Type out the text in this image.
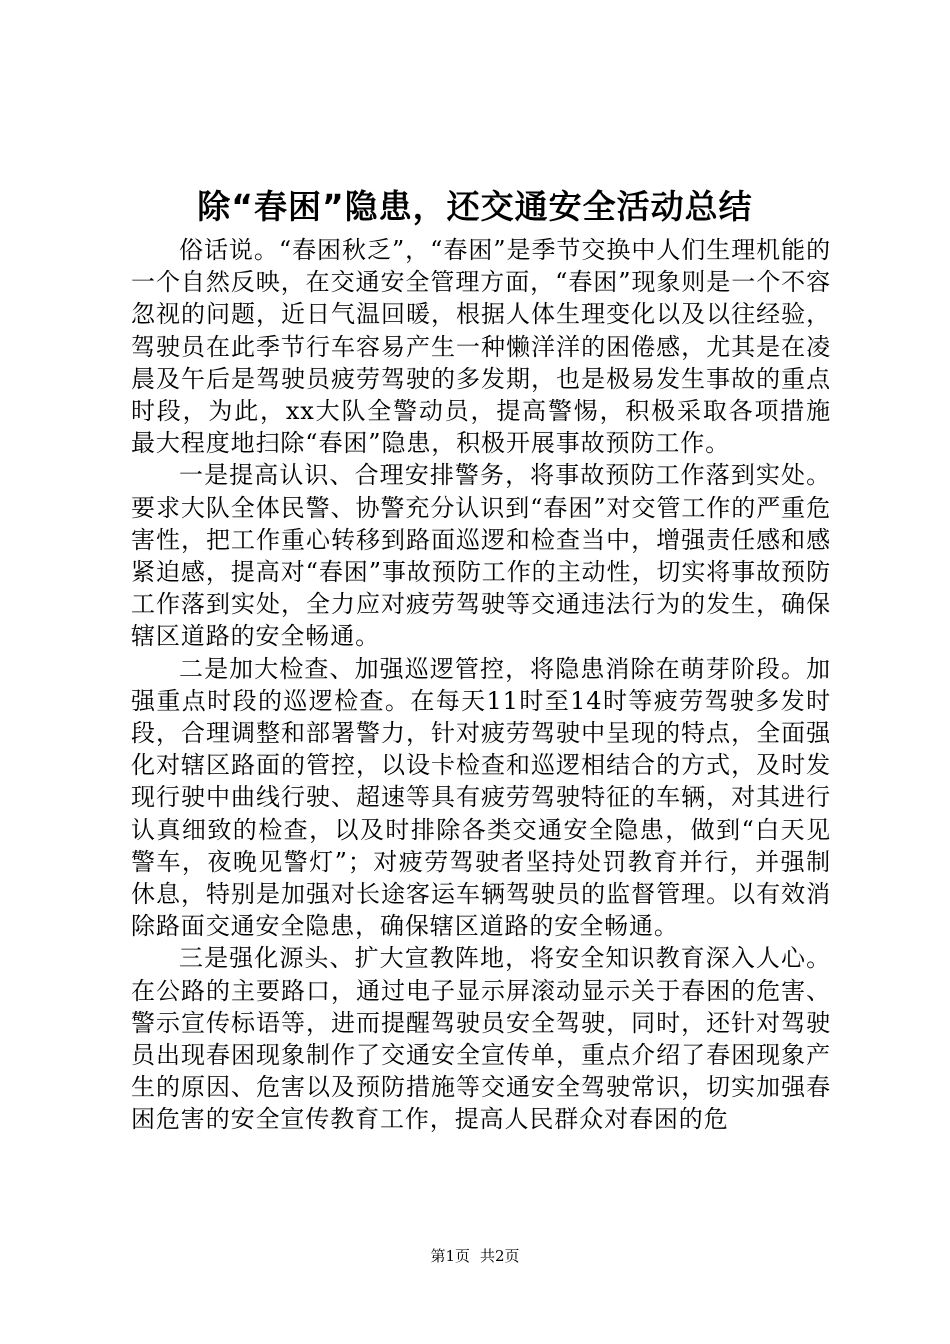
除“春困”隐患，还交通安全活动总结

俗话说。“春困秋乏”，“春困”是季节交换中人们生理机能的一个自然反映，在交通安全管理方面，“春困”现象则是一个不容忽视的问题，近日气温回暖，根据人体生理变化以及以往经验，驾驶员在此季节行车容易产生一种懒洋洋的困倦感，尤其是在凌晨及午后是驾驶员疲劳驾驶的多发期，也是极易发生事故的重点时段，为此，xx大队全警动员，提高警惕，积极采取各项措施最大程度地扫除“春困”隐患，积极开展事故预防工作。

一是提高认识、合理安排警务，将事故预防工作落到实处。要求大队全体民警、协警充分认识到“春困”对交管工作的严重危害性，把工作重心转移到路面巡逻和检查当中，增强责任感和感紧迫感，提高对“春困”事故预防工作的主动性，切实将事故预防工作落到实处，全力应对疲劳驾驶等交通违法行为的发生，确保辖区道路的安全畅通。

二是加大检查、加强巡逻管控，将隐患消除在萌芽阶段。加强重点时段的巡逻检查。在每天11时至14时等疲劳驾驶多发时段，合理调整和部署警力，针对疲劳驾驶中呈现的特点，全面强化对辖区路面的管控，以设卡检查和巡逻相结合的方式，及时发现行驶中曲线行驶、超速等具有疲劳驾驶特征的车辆，对其进行认真细致的检查，以及时排除各类交通安全隐患，做到“白天见警车，夜晚见警灯”；对疲劳驾驶者坚持处罚教育并行，并强制休息，特别是加强对长途客运车辆驾驶员的监督管理。以有效消除路面交通安全隐患，确保辖区道路的安全畅通。

三是强化源头、扩大宣教阵地，将安全知识教育深入人心。在公路的主要路口，通过电子显示屏滚动显示关于春困的危害、警示宣传标语等，进而提醒驾驶员安全驾驶，同时，还针对驾驶员出现春困现象制作了交通安全宣传单，重点介绍了春困现象产生的原因、危害以及预防措施等交通安全驾驶常识，切实加强春困危害的安全宣传教育工作，提高人民群众对春困的危

第1页 共2页
